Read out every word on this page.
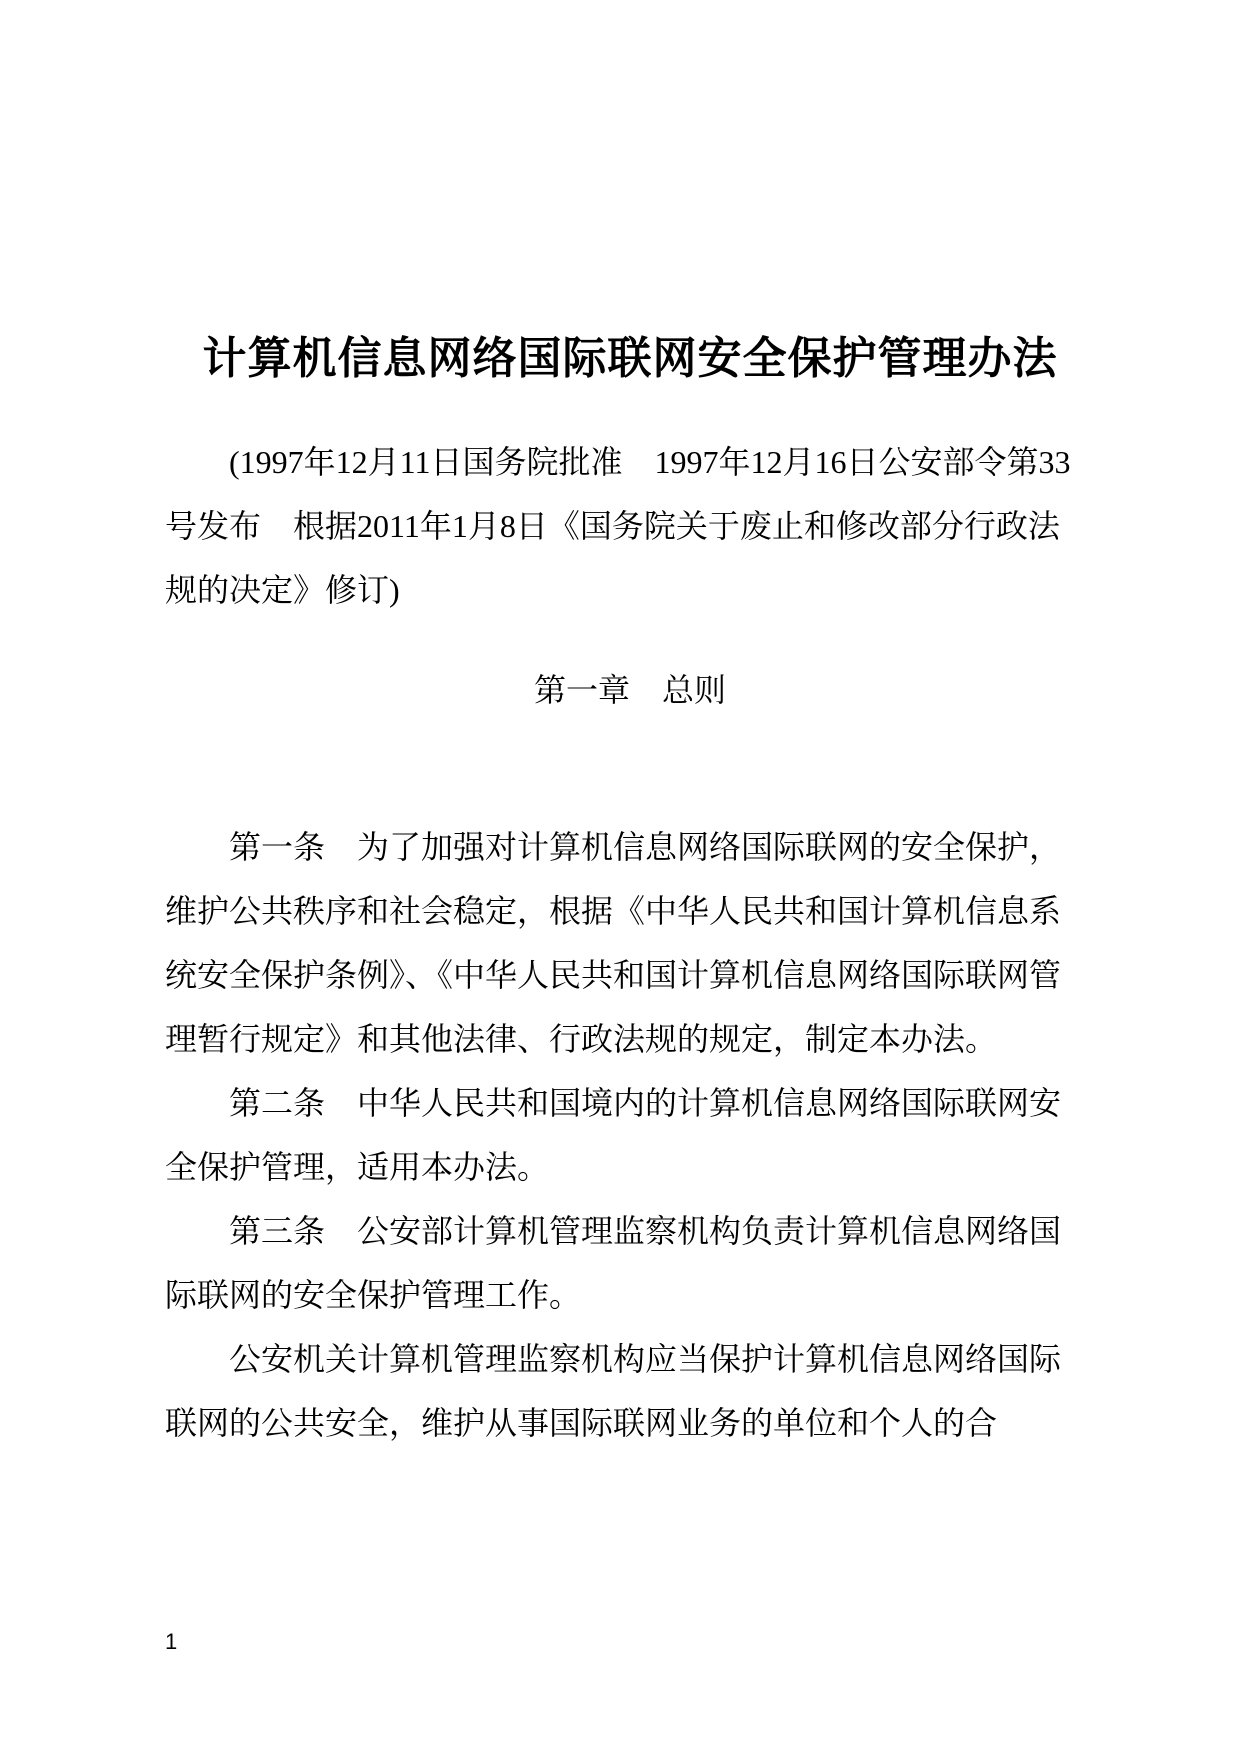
计算机信息网络国际联网安全保护管理办法

(1997年12月11日国务院批准　1997年12月16日公安部令第33号发布　根据2011年1月8日《国务院关于废止和修改部分行政法规的决定》修订)

第一章　总则

第一条 为了加强对计算机信息网络国际联网的安全保护，维护公共秩序和社会稳定，根据《中华人民共和国计算机信息系统安全保护条例》、《中华人民共和国计算机信息网络国际联网管理暂行规定》和其他法律、行政法规的规定，制定本办法。

第二条 中华人民共和国境内的计算机信息网络国际联网安全保护管理，适用本办法。

第三条 公安部计算机管理监察机构负责计算机信息网络国际联网的安全保护管理工作。

公安机关计算机管理监察机构应当保护计算机信息网络国际联网的公共安全，维护从事国际联网业务的单位和个人的合

1
